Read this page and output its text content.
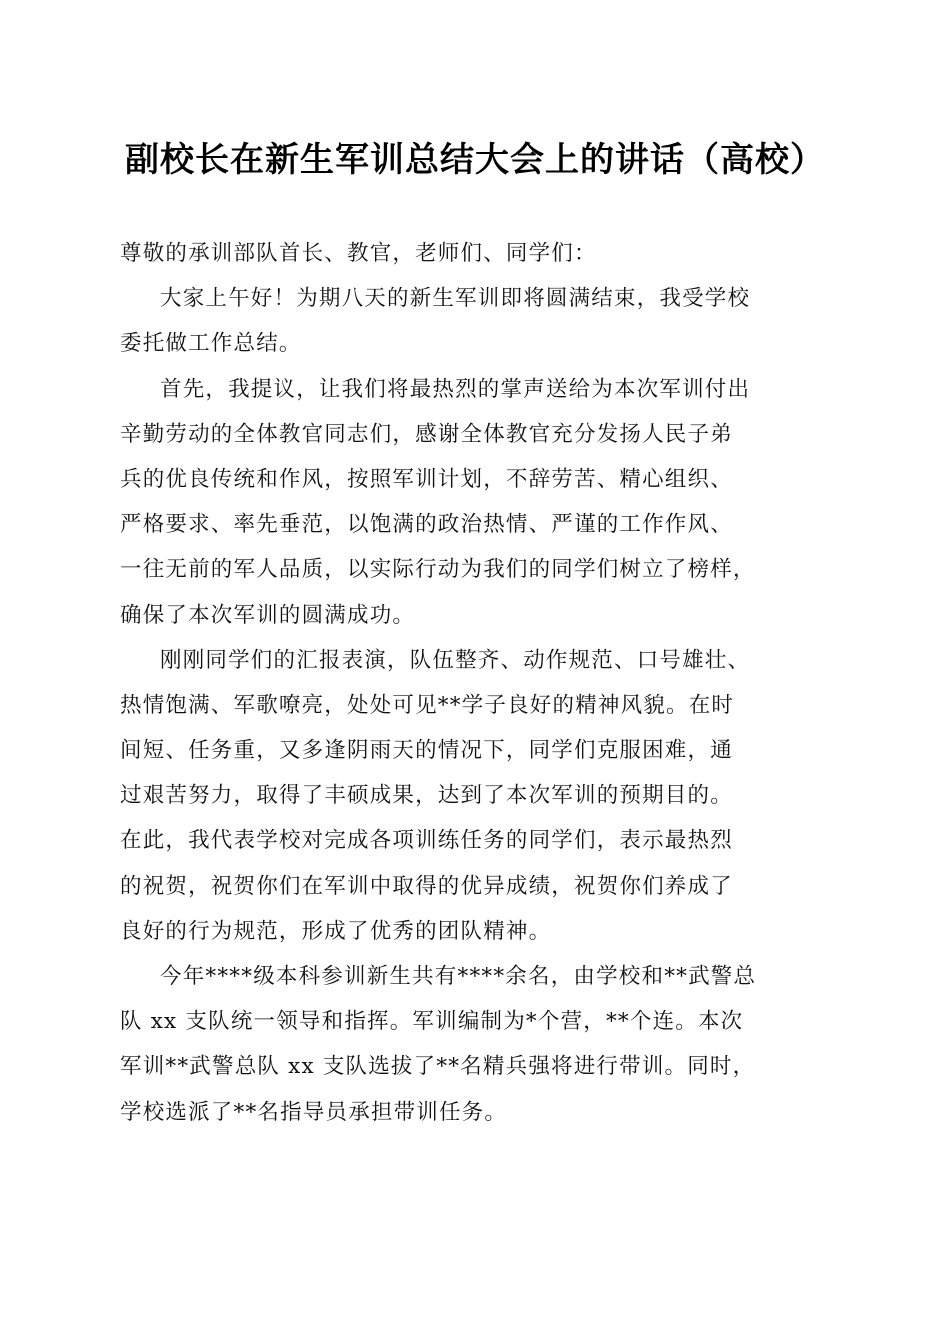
副校长在新生军训总结大会上的讲话（高校）

尊敬的承训部队首长、教官，老师们、同学们：

大家上午好！为期八天的新生军训即将圆满结束，我受学校
委托做工作总结。

首先，我提议，让我们将最热烈的掌声送给为本次军训付出
辛勤劳动的全体教官同志们，感谢全体教官充分发扬人民子弟
兵的优良传统和作风，按照军训计划，不辞劳苦、精心组织、
严格要求、率先垂范，以饱满的政治热情、严谨的工作作风、
一往无前的军人品质，以实际行动为我们的同学们树立了榜样，
确保了本次军训的圆满成功。

刚刚同学们的汇报表演，队伍整齐、动作规范、口号雄壮、
热情饱满、军歌嘹亮，处处可见**学子良好的精神风貌。在时
间短、任务重，又多逢阴雨天的情况下，同学们克服困难，通
过艰苦努力，取得了丰硕成果，达到了本次军训的预期目的。
在此，我代表学校对完成各项训练任务的同学们，表示最热烈
的祝贺，祝贺你们在军训中取得的优异成绩，祝贺你们养成了
良好的行为规范，形成了优秀的团队精神。

今年****级本科参训新生共有****余名，由学校和**武警总
队 xx 支队统一领导和指挥。军训编制为*个营，**个连。本次
军训**武警总队 xx 支队选拔了**名精兵强将进行带训。同时，
学校选派了**名指导员承担带训任务。
